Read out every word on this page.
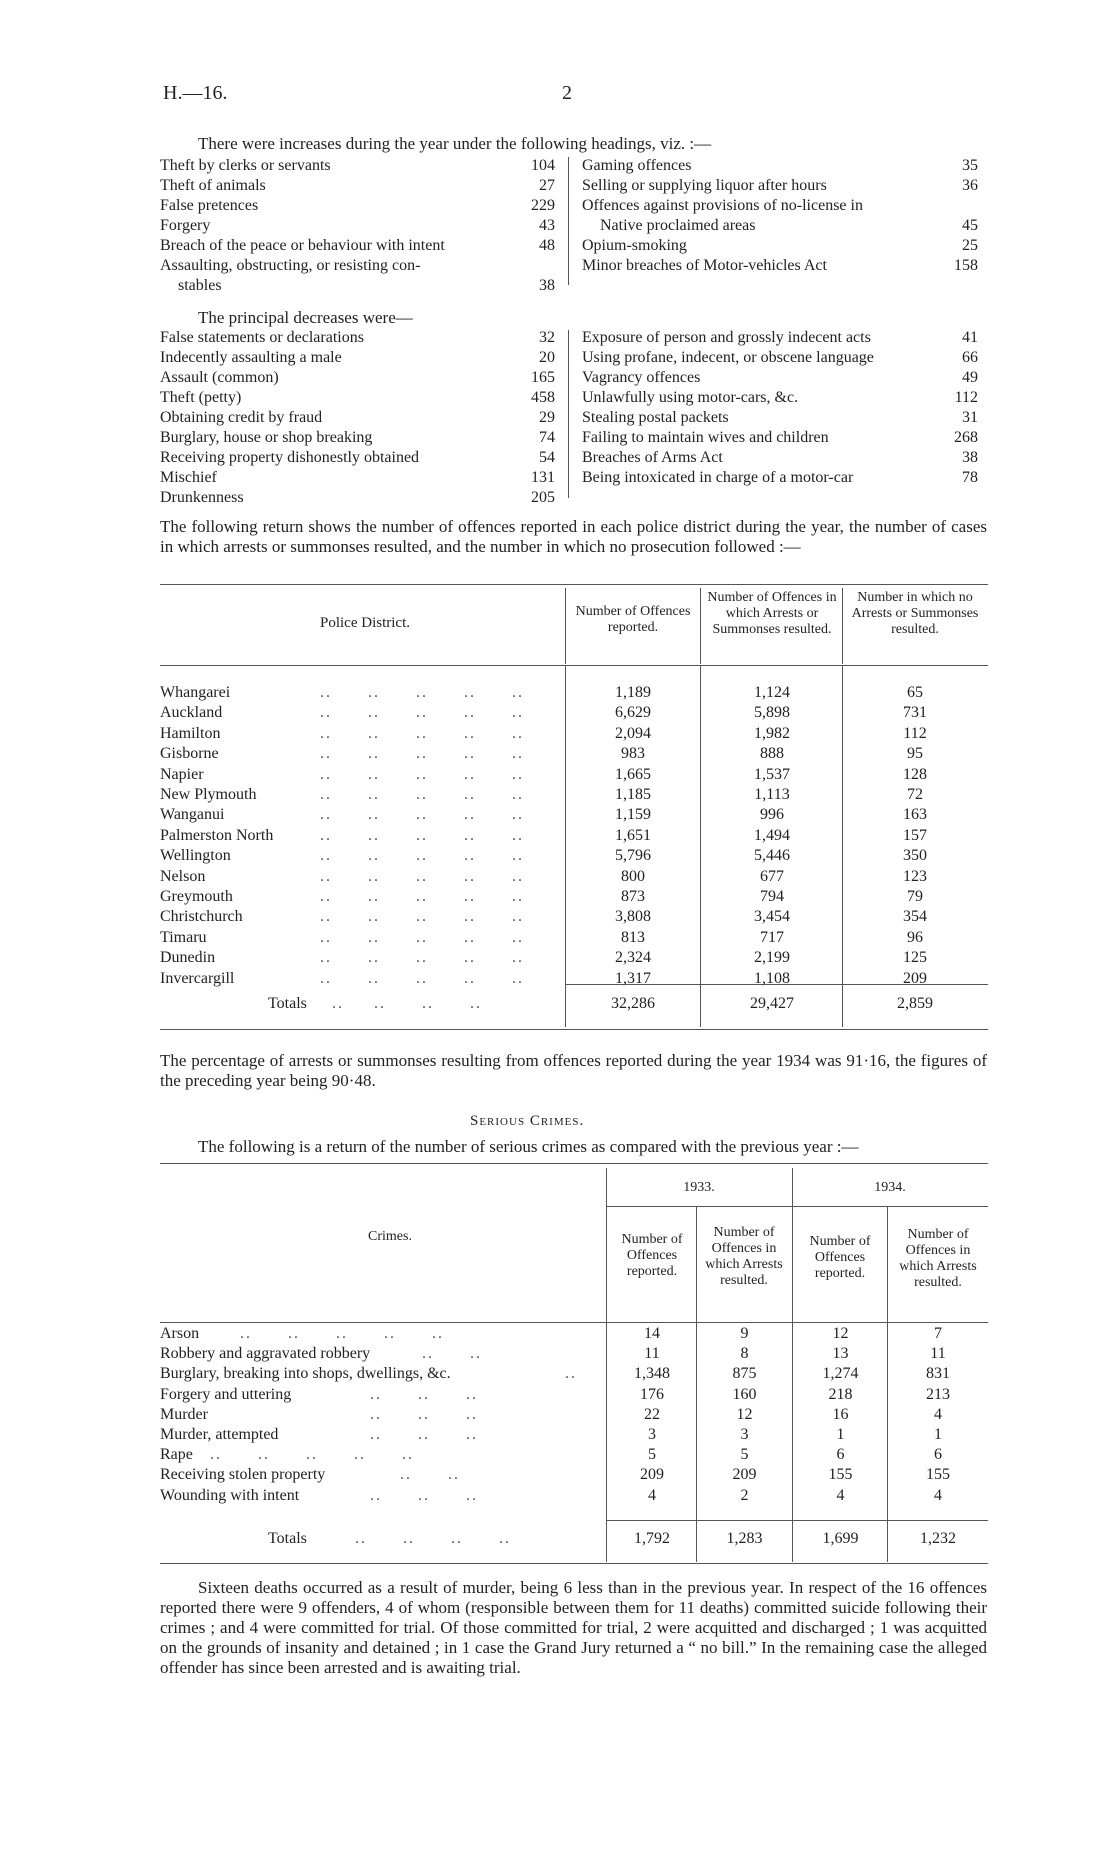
H.—16.	2
There were increases during the year under the following headings, viz. :—
Theft by clerks or servants	104
Theft of animals	27
False pretences	229
Forgery	43
Breach of the peace or behaviour with intent	48
Assaulting, obstructing, or resisting con-
stables	38
Gaming offences	35
Selling or supplying liquor after hours	36
Offences against provisions of no-license in
Native proclaimed areas	45
Opium-smoking	25
Minor breaches of Motor-vehicles Act	158
The principal decreases were—
False statements or declarations	32
Indecently assaulting a male	20
Assault (common)	165
Theft (petty)	458
Obtaining credit by fraud	29
Burglary, house or shop breaking	74
Receiving property dishonestly obtained	54
Mischief	131
Drunkenness	205
Exposure of person and grossly indecent acts	41
Using profane, indecent, or obscene language	66
Vagrancy offences	49
Unlawfully using motor-cars, &c.	112
Stealing postal packets	31
Failing to maintain wives and children	268
Breaches of Arms Act	38
Being intoxicated in charge of a motor-car	78
The following return shows the number of offences reported in each police district during the year, the number of cases in which arrests or summonses resulted, and the number in which no prosecution followed :—
Police District.
Number of Offences reported.
Number of Offences in which Arrests or Summonses resulted.
Number in which no Arrests or Summonses resulted.
Whangarei	..      ..      ..      ..      ..	1,189	1,124	65
Auckland	..      ..      ..      ..      ..	6,629	5,898	731
Hamilton	..      ..      ..      ..      ..	2,094	1,982	112
Gisborne	..      ..      ..      ..      ..	983	888	95
Napier	..      ..      ..      ..      ..	1,665	1,537	128
New Plymouth	..      ..      ..      ..      ..	1,185	1,113	72
Wanganui	..      ..      ..      ..      ..	1,159	996	163
Palmerston North	..      ..      ..      ..      ..	1,651	1,494	157
Wellington	..      ..      ..      ..      ..	5,796	5,446	350
Nelson	..      ..      ..      ..      ..	800	677	123
Greymouth	..      ..      ..      ..      ..	873	794	79
Christchurch	..      ..      ..      ..      ..	3,808	3,454	354
Timaru	..      ..      ..      ..      ..	813	717	96
Dunedin	..      ..      ..      ..      ..	2,324	2,199	125
Invercargill	..      ..      ..      ..      ..	1,317	1,108	209
Totals ..     ..      ..      ..	32,286	29,427	2,859
The percentage of arrests or summonses resulting from offences reported during the year 1934 was 91·16, the figures of the preceding year being 90·48.
Serious Crimes.
The following is a return of the number of serious crimes as compared with the previous year :—
1933.	1934.
Crimes.	Number of Offences reported.
Number of Offences in which Arrests resulted.
Number of Offences reported.
Number of Offences in which Arrests resulted.
Arson	..      ..      ..      ..      ..	14	9	12	7
Robbery and aggravated robbery	..      ..	11	8	13	11
Burglary, breaking into shops, dwellings, &c.	..	1,348	875	1,274	831
Forgery and uttering	..      ..      ..	176	160	218	213
Murder	..      ..      ..	22	12	16	4
Murder, attempted	..      ..      ..	3	3	1	1
Rape ..      ..      ..      ..      ..	5	5	6	6
Receiving stolen property	..      ..	209	209	155	155
Wounding with intent	..      ..      ..	4	2	4	4
Totals	..      ..      ..      ..	1,792	1,283	1,699	1,232
Sixteen deaths occurred as a result of murder, being 6 less than in the previous year. In respect of the 16 offences reported there were 9 offenders, 4 of whom (responsible between them for 11 deaths) committed suicide following their crimes ; and 4 were committed for trial. Of those committed for trial, 2 were acquitted and discharged ; 1 was acquitted on the grounds of insanity and detained ; in 1 case the Grand Jury returned a “ no bill.” In the remaining case the alleged offender has since been arrested and is awaiting trial.
